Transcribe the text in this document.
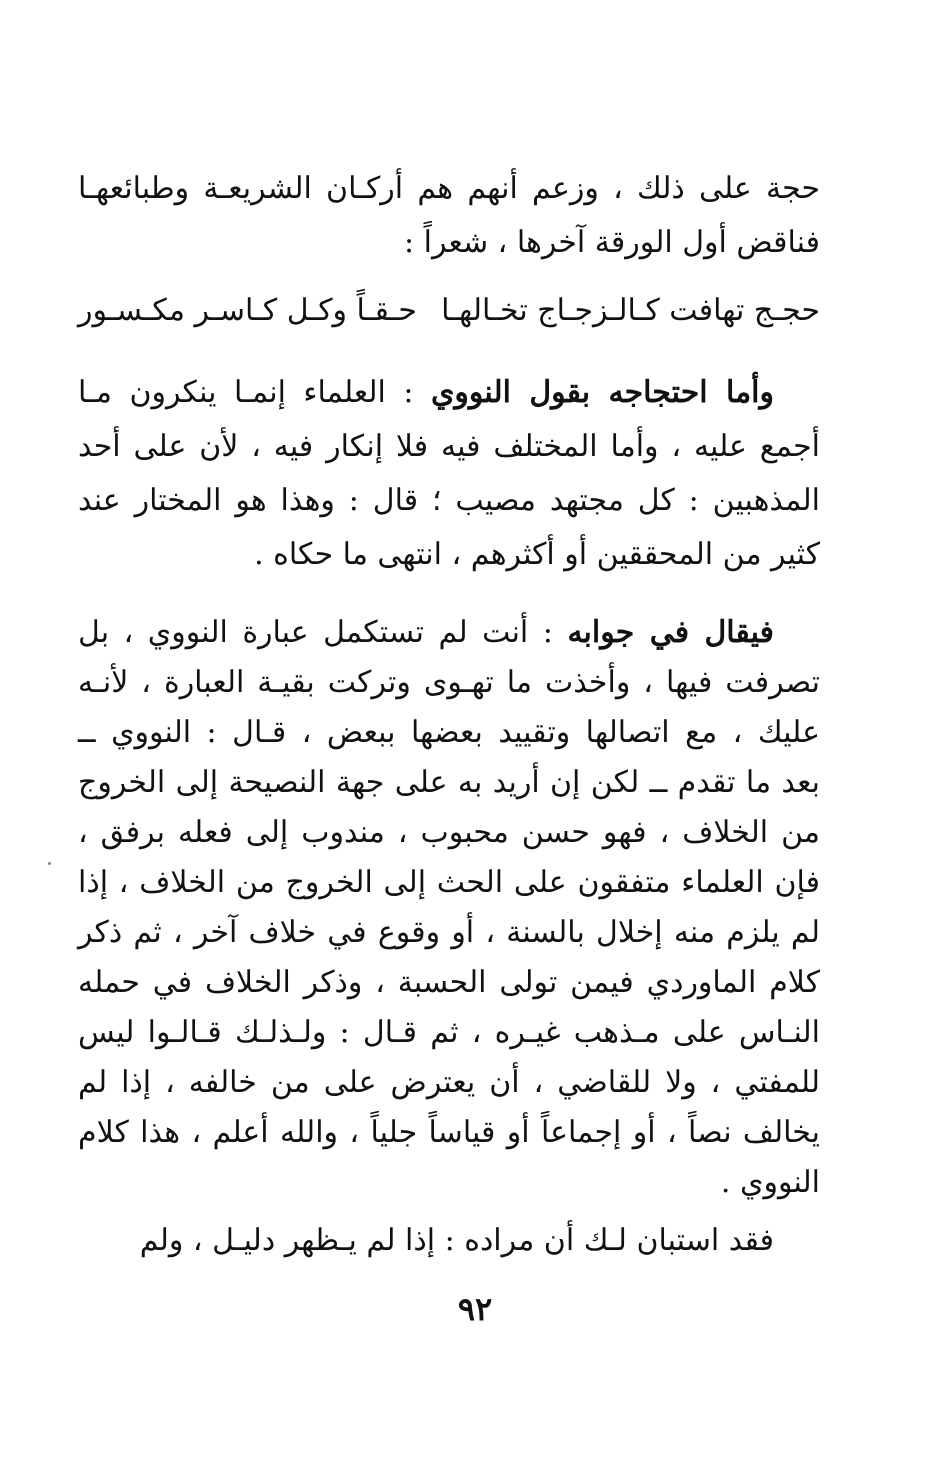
حجة على ذلك ، وزعم أنهم هم أركـان الشريعـة وطبائعهـا
فناقض أول الورقة آخرها ، شعراً :
حجـج تهافت كـالـزجـاج تخـالهـا
حـقـاً وكـل كـاسـر مكـسـور
وأما احتجاجه بقول النووي : العلماء إنمـا ينكرون مـا
أجمع عليه ، وأما المختلف فيه فلا إنكار فيه ، لأن على أحد
المذهبين : كل مجتهد مصيب ؛ قال : وهذا هو المختار عند
كثير من المحققين أو أكثرهم ، انتهى ما حكاه .
فيقال في جوابه : أنت لم تستكمل عبارة النووي ، بل
تصرفت فيها ، وأخذت ما تهـوى وتركت بقيـة العبارة ، لأنـه
عليك ، مع اتصالها وتقييد بعضها ببعض ، قـال : النووي ــ
بعد ما تقدم ــ لكن إن أريد به على جهة النصيحة إلى الخروج
من الخلاف ، فهو حسن محبوب ، مندوب إلى فعله برفق ،
فإن العلماء متفقون على الحث إلى الخروج من الخلاف ، إذا
لم يلزم منه إخلال بالسنة ، أو وقوع في خلاف آخر ، ثم ذكر
كلام الماوردي فيمن تولى الحسبة ، وذكر الخلاف في حمله
النـاس على مـذهب غيـره ، ثم قـال : ولـذلـك قـالـوا ليس
للمفتي ، ولا للقاضي ، أن يعترض على من خالفه ، إذا لم
يخالف نصاً ، أو إجماعاً أو قياساً جلياً ، والله أعلم ، هذا كلام
النووي .
فقد استبان لـك أن مراده : إذا لم يـظهر دليـل ، ولم
٩٢
